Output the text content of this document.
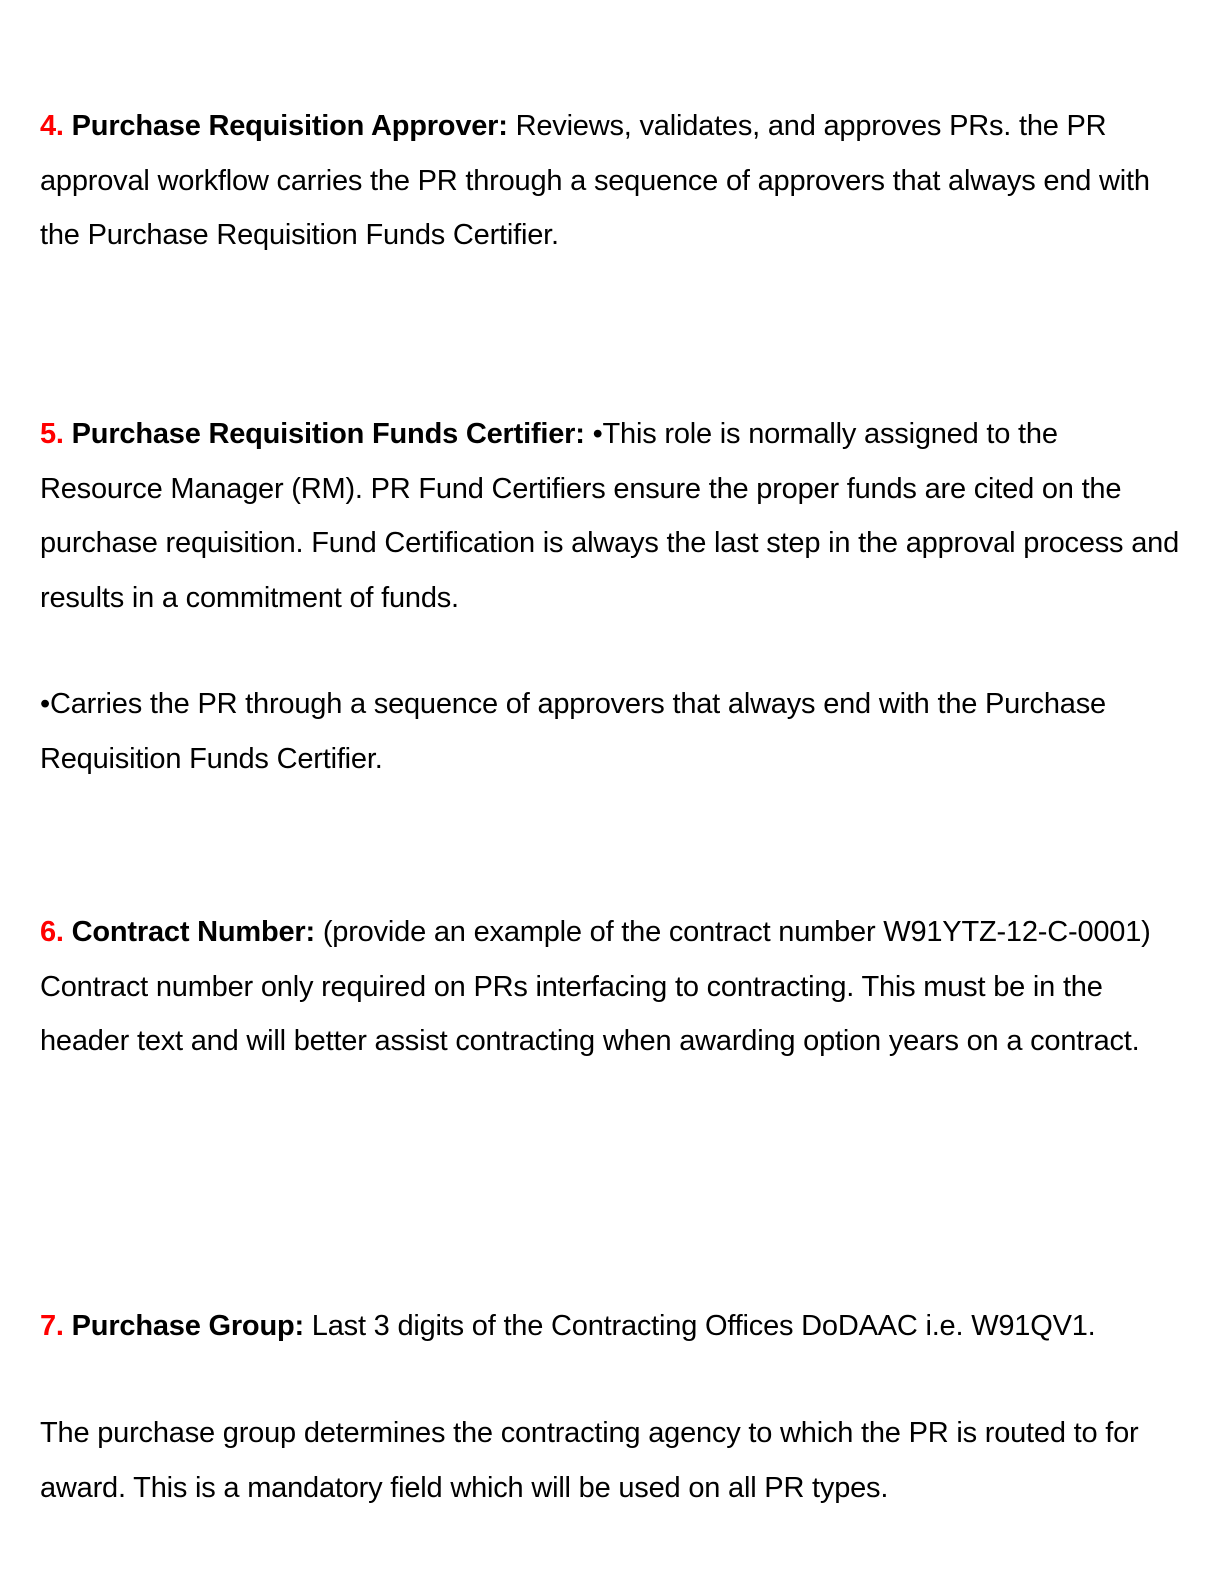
4. Purchase Requisition Approver: Reviews, validates, and approves PRs. the PR approval workflow carries the PR through a sequence of approvers that always end with the Purchase Requisition Funds Certifier.

5. Purchase Requisition Funds Certifier: •This role is normally assigned to the Resource Manager (RM). PR Fund Certifiers ensure the proper funds are cited on the purchase requisition. Fund Certification is always the last step in the approval process and results in a commitment of funds.

•Carries the PR through a sequence of approvers that always end with the Purchase Requisition Funds Certifier.

6. Contract Number: (provide an example of the contract number W91YTZ-12-C-0001) Contract number only required on PRs interfacing to contracting. This must be in the header text and will better assist contracting when awarding option years on a contract.

7. Purchase Group: Last 3 digits of the Contracting Offices DoDAAC i.e. W91QV1.

The purchase group determines the contracting agency to which the PR is routed to for award. This is a mandatory field which will be used on all PR types.
